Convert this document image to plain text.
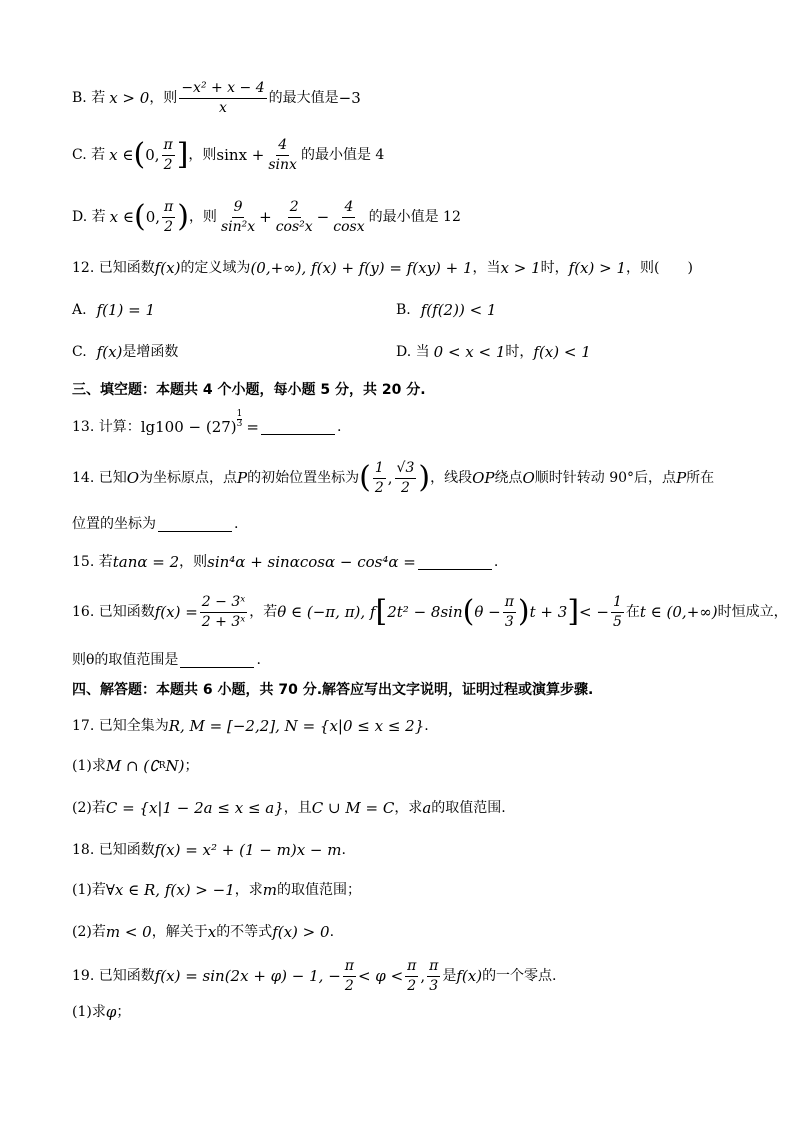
B. 若 x > 0 ，则 $\frac{\text{−x² + x − 4}}{x}$ 的最大值是 −3
C. 若 x ∈ ( 0, $\frac{\pi}{2}$ ] ，则 $\sin x + \frac{4}{\sin x}$ 的最小值是 4
D. 若 x ∈ ( 0, $\frac{\pi}{2}$ ) ，则 $\frac{9}{\text{sin²x}} + \frac{2}{\text{cos²x}} - \frac{4}{\cos x}$ 的最小值是 12
12. 已知函数 f(x) 的定义域为 (0,+∞), f(x) + f(y) = f(xy) + 1 ，当 x > 1 时， f(x) > 1 ，则(　　)
A. f(1) = 1	B. f(f(2)) < 1
C. f(x) 是增函数	D. 当 0 < x < 1 时， f(x) < 1
三、填空题：本题共 4 个小题，每小题 5 分，共 20 分.
13. 计算： $\lg 100 - (27) \frac{1}{3}$ =	.
14. 已知 O 为坐标原点，点 P 的初始位置坐标为 ( $\frac{1}{2}$ , $\frac{√3}{2}$ ) ，线段 OP 绕点 O 顺时针转动 90°后，点 P 所在
位置的坐标为	.
15. 若 tanα = 2 ，则 sin⁴α + sinαcosα − cos⁴α =	.
16. 已知函数 $f(x) = \frac{\text{2 − 3ˣ}}{\text{2 + 3ˣ}}$ ，若 θ ∈ (−π, π), f [ 2t² − 8sin ( $\theta - \frac{\pi}{3}$ ) t + 3 ] < − $\frac{1}{5}$ 在 t ∈ (0,+∞) 时恒成立，
则θ的取值范围是	.
四、解答题：本题共 6 小题，共 70 分.解答应写出文字说明，证明过程或演算步骤.
17. 已知全集为 R, M = [−2,2], N = {x|0 ≤ x ≤ 2} .
(1)求 M ∩ (∁ R N) ；
(2)若 C = {x|1 − 2a ≤ x ≤ a} ，且 C ∪ M = C ，求 a 的取值范围.
18. 已知函数 f(x) = x² + (1 − m)x − m .
(1)若 ∀x ∈ R, f(x) > −1 ，求 m 的取值范围；
(2)若 m < 0 ，解关于 x 的不等式 f(x) > 0 .
19. 已知函数 f(x) = sin(2x + φ) − 1, − $\frac{\pi}{2} < \varphi < \frac{\pi}{2}$ , $\frac{\pi}{3}$ 是 f(x) 的一个零点.
(1)求 φ ；
